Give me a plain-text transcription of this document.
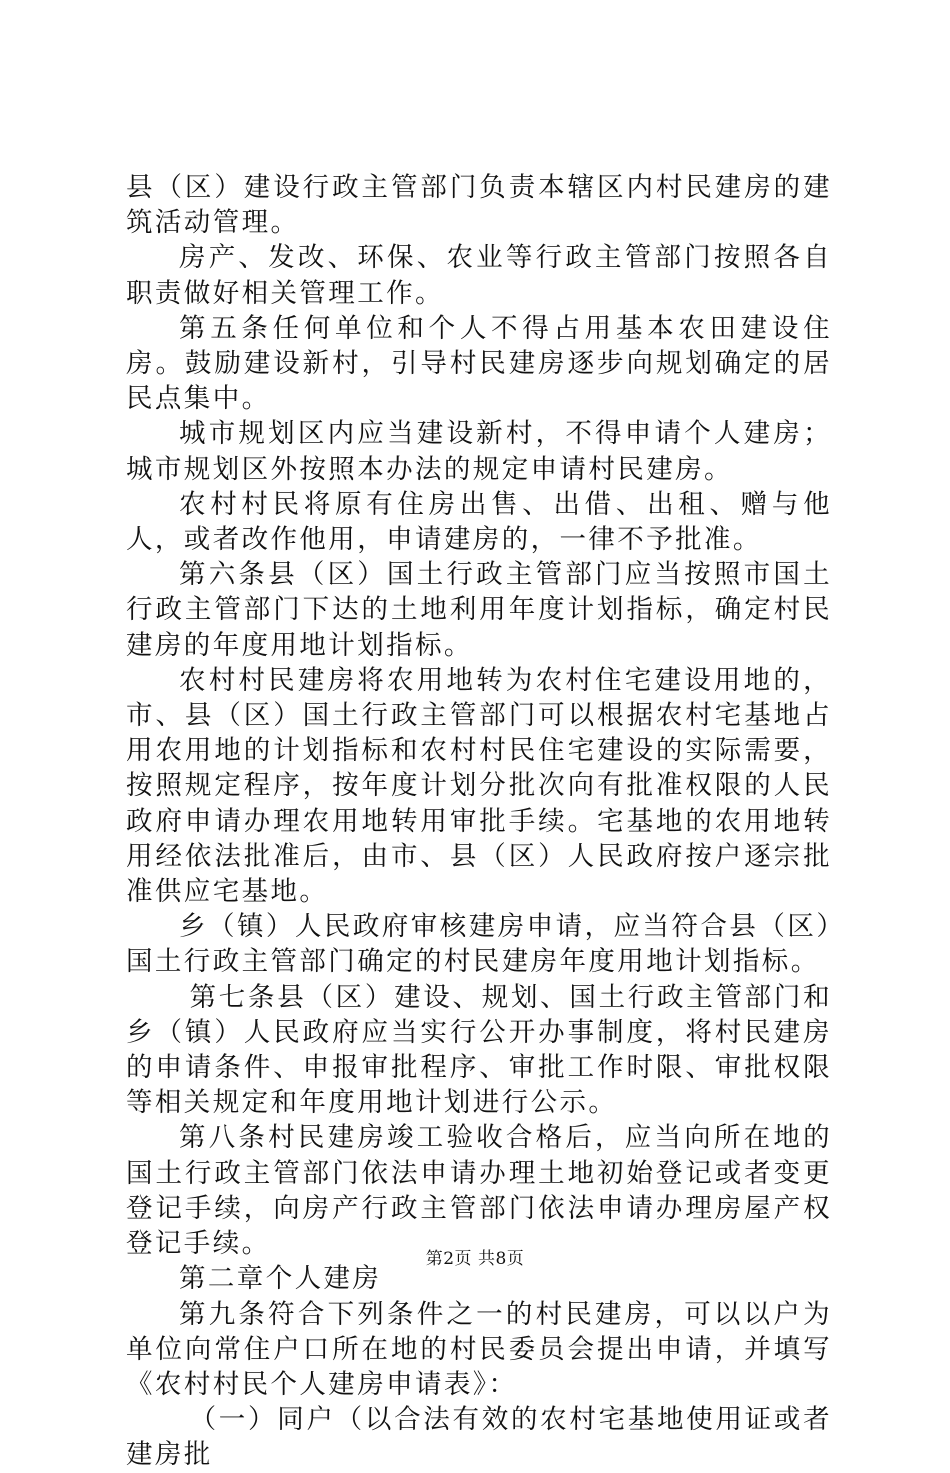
县（区）建设行政主管部门负责本辖区内村民建房的建筑活动管理。

房产、发改、环保、农业等行政主管部门按照各自职责做好相关管理工作。

第五条任何单位和个人不得占用基本农田建设住房。鼓励建设新村，引导村民建房逐步向规划确定的居民点集中。

城市规划区内应当建设新村，不得申请个人建房；城市规划区外按照本办法的规定申请村民建房。

农村村民将原有住房出售、出借、出租、赠与他人，或者改作他用，申请建房的，一律不予批准。

第六条县（区）国土行政主管部门应当按照市国土行政主管部门下达的土地利用年度计划指标，确定村民建房的年度用地计划指标。

农村村民建房将农用地转为农村住宅建设用地的，市、县（区）国土行政主管部门可以根据农村宅基地占用农用地的计划指标和农村村民住宅建设的实际需要，按照规定程序，按年度计划分批次向有批准权限的人民政府申请办理农用地转用审批手续。宅基地的农用地转用经依法批准后，由市、县（区）人民政府按户逐宗批准供应宅基地。

乡（镇）人民政府审核建房申请，应当符合县（区）国土行政主管部门确定的村民建房年度用地计划指标。

第七条县（区）建设、规划、国土行政主管部门和乡（镇）人民政府应当实行公开办事制度，将村民建房的申请条件、申报审批程序、审批工作时限、审批权限等相关规定和年度用地计划进行公示。

第八条村民建房竣工验收合格后，应当向所在地的国土行政主管部门依法申请办理土地初始登记或者变更登记手续，向房产行政主管部门依法申请办理房屋产权登记手续。

第二章个人建房

第九条符合下列条件之一的村民建房，可以以户为单位向常住户口所在地的村民委员会提出申请，并填写《农村村民个人建房申请表》：

（一）同户（以合法有效的农村宅基地使用证或者建房批

第2页 共8页
